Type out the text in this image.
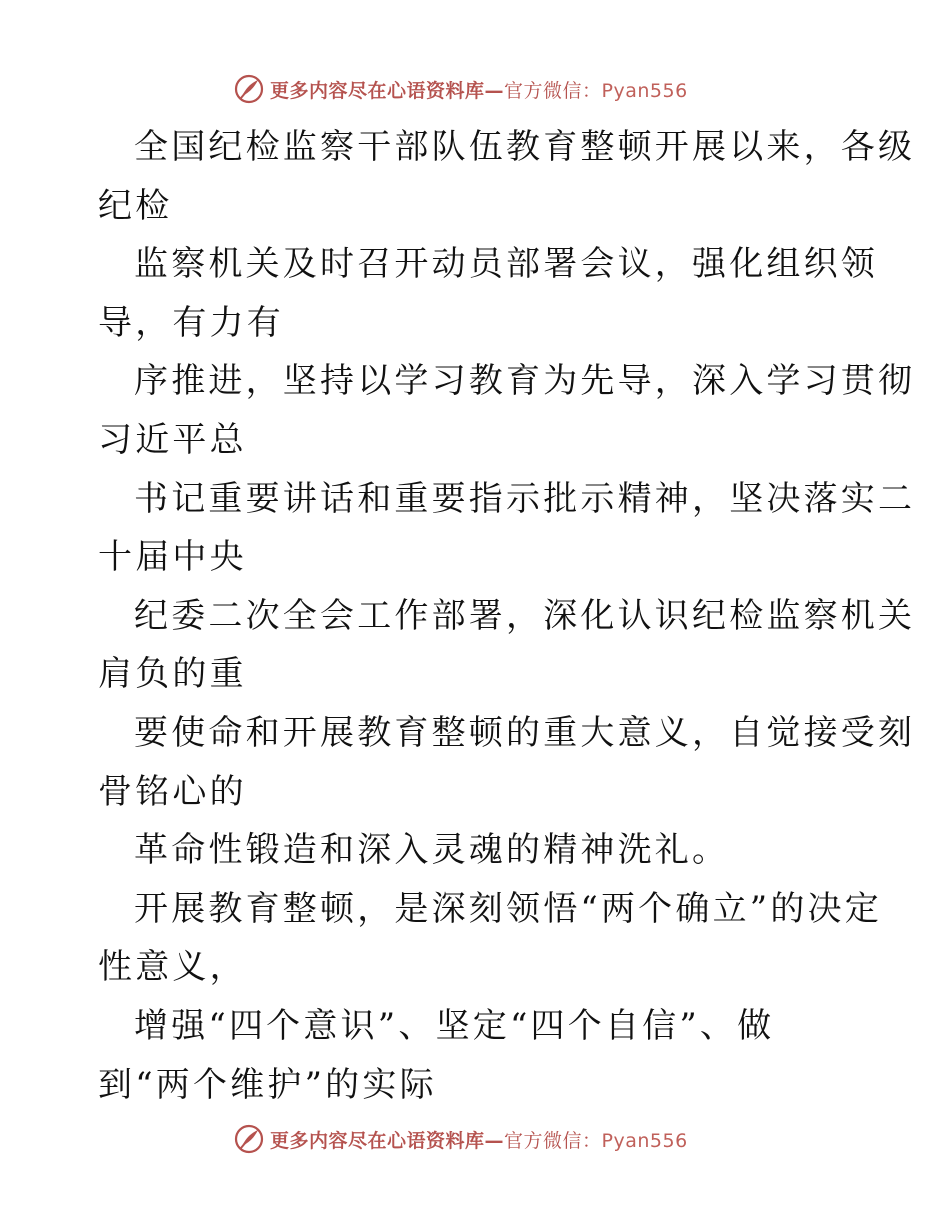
更多内容尽在心语资料库—官方微信：Pyan556
全国纪检监察干部队伍教育整顿开展以来，各级
纪检
监察机关及时召开动员部署会议，强化组织领
导，有力有
序推进，坚持以学习教育为先导，深入学习贯彻
习近平总
书记重要讲话和重要指示批示精神，坚决落实二
十届中央
纪委二次全会工作部署，深化认识纪检监察机关
肩负的重
要使命和开展教育整顿的重大意义，自觉接受刻
骨铭心的
革命性锻造和深入灵魂的精神洗礼。
开展教育整顿，是深刻领悟“两个确立”的决定
性意义，
增强“四个意识”、坚定“四个自信”、做
到“两个维护”的实际
更多内容尽在心语资料库—官方微信：Pyan556
